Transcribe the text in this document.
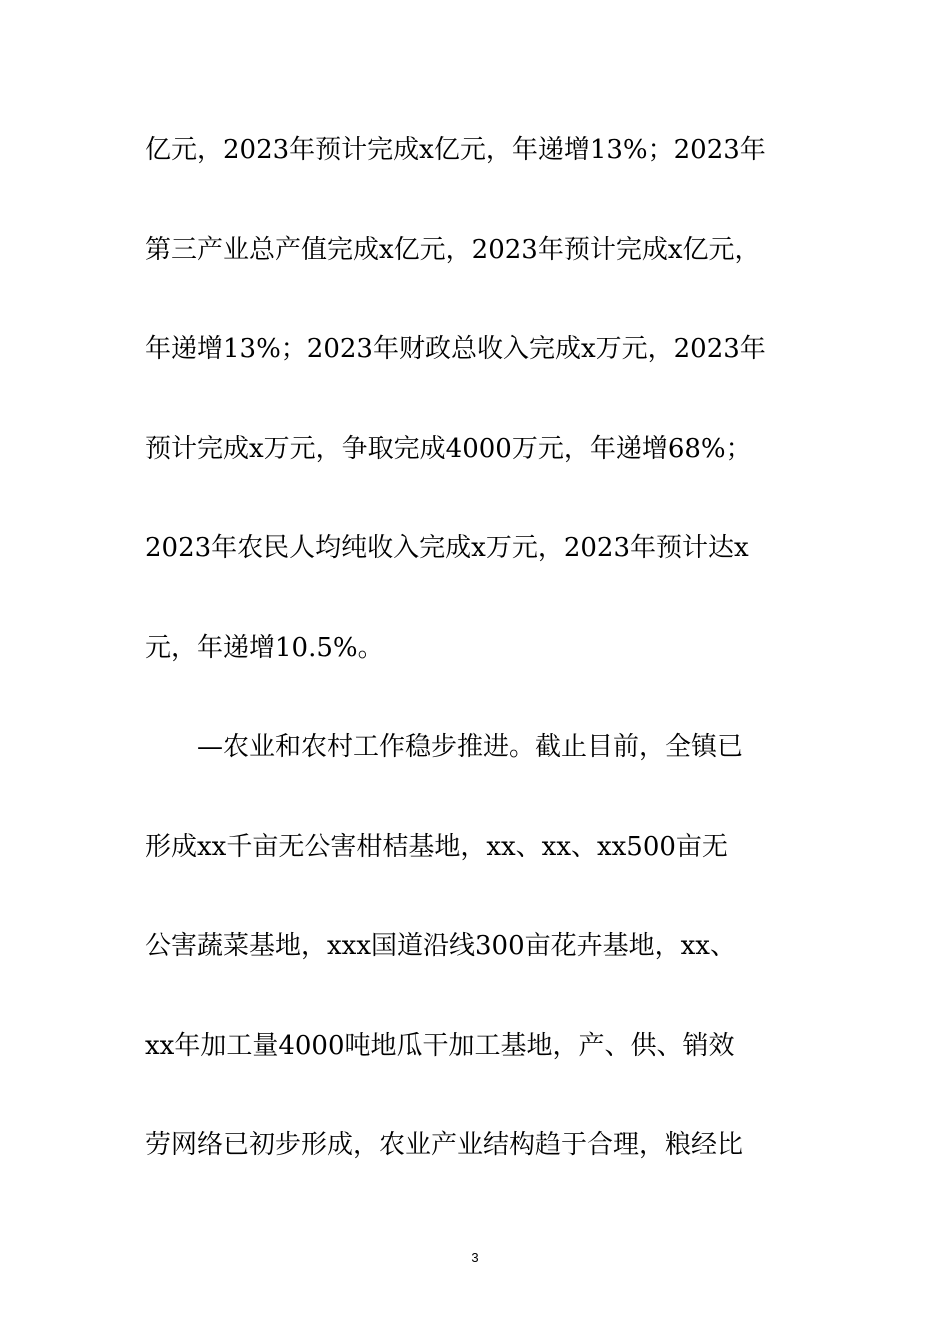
亿元，2023年预计完成x亿元，年递增13%；2023年
第三产业总产值完成x亿元，2023年预计完成x亿元，
年递增13%；2023年财政总收入完成x万元，2023年
预计完成x万元，争取完成4000万元，年递增68%；
2023年农民人均纯收入完成x万元，2023年预计达x
元，年递增10.5%。
—农业和农村工作稳步推进。截止目前，全镇已
形成xx千亩无公害柑桔基地，xx、xx、xx500亩无
公害蔬菜基地，xxx国道沿线300亩花卉基地，xx、
xx年加工量4000吨地瓜干加工基地，产、供、销效
劳网络已初步形成，农业产业结构趋于合理，粮经比
3
